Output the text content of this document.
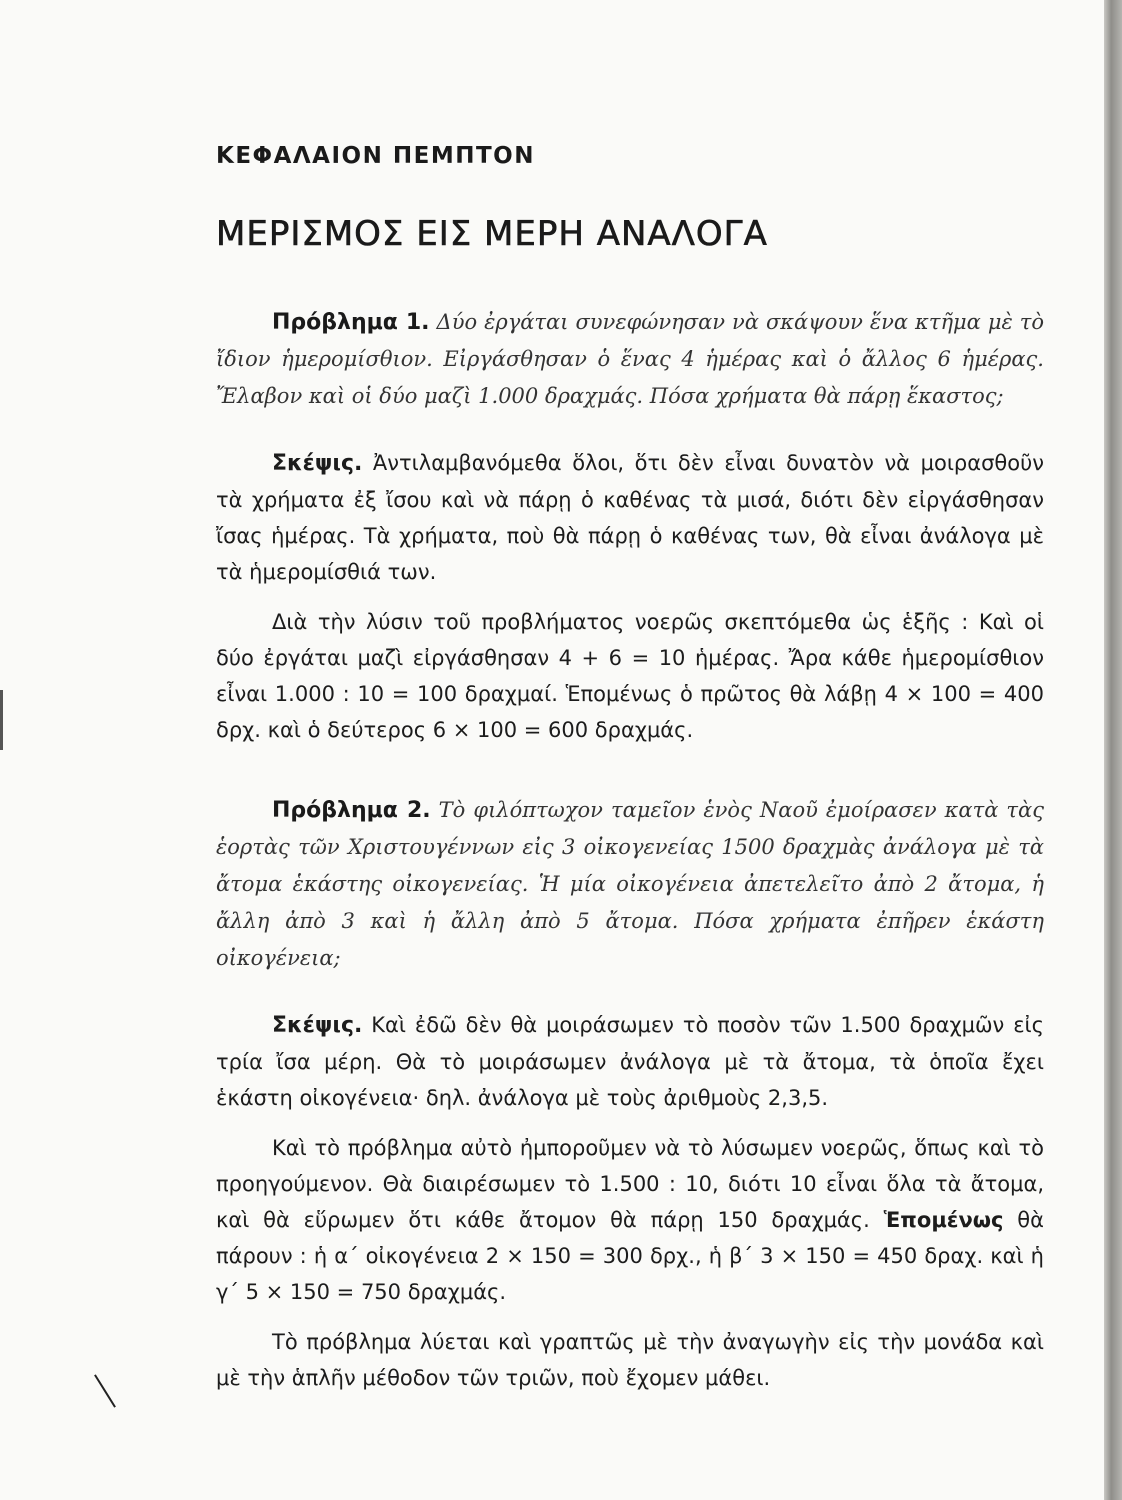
ΚΕΦΑΛΑΙΟΝ ΠΕΜΠΤΟΝ
ΜΕΡΙΣΜΟΣ ΕΙΣ ΜΕΡΗ ΑΝΑΛΟΓΑ

Πρόβλημα 1. Δύο ἐργάται συνεφώνησαν νὰ σκάψουν ἕνα κτῆμα μὲ τὸ ἴδιον ἡμερομίσθιον. Εἰργάσθησαν ὁ ἕνας 4 ἡμέρας καὶ ὁ ἄλλος 6 ἡμέρας. Ἔλαβον καὶ οἱ δύο μαζὶ 1.000 δραχμάς. Πόσα χρήματα θὰ πάρῃ ἕκαστος;

Σκέψις. Ἀντιλαμβανόμεθα ὅλοι, ὅτι δὲν εἶναι δυνατὸν νὰ μοιρασθοῦν τὰ χρήματα ἐξ ἴσου καὶ νὰ πάρῃ ὁ καθένας τὰ μισά, διότι δὲν εἰργάσθησαν ἴσας ἡμέρας. Τὰ χρήματα, ποὺ θὰ πάρῃ ὁ καθένας των, θὰ εἶναι ἀνάλογα μὲ τὰ ἡμερομίσθιά των.

Διὰ τὴν λύσιν τοῦ προβλήματος νοερῶς σκεπτόμεθα ὡς ἑξῆς : Καὶ οἱ δύο ἐργάται μαζὶ εἰργάσθησαν 4 + 6 = 10 ἡμέρας. Ἄρα κάθε ἡμερομίσθιον εἶναι 1.000 : 10 = 100 δραχμαί. Ἑπομένως ὁ πρῶτος θὰ λάβῃ 4 × 100 = 400 δρχ. καὶ ὁ δεύτερος 6 × 100 = 600 δραχμάς.

Πρόβλημα 2. Τὸ φιλόπτωχον ταμεῖον ἑνὸς Ναοῦ ἐμοίρασεν κατὰ τὰς ἑορτὰς τῶν Χριστουγέννων εἰς 3 οἰκογενείας 1500 δραχμὰς ἀνάλογα μὲ τὰ ἄτομα ἑκάστης οἰκογενείας. Ἡ μία οἰκογένεια ἀπετελεῖτο ἀπὸ 2 ἄτομα, ἡ ἄλλη ἀπὸ 3 καὶ ἡ ἄλλη ἀπὸ 5 ἄτομα. Πόσα χρήματα ἐπῆρεν ἑκάστη οἰκογένεια;

Σκέψις. Καὶ ἐδῶ δὲν θὰ μοιράσωμεν τὸ ποσὸν τῶν 1.500 δραχμῶν εἰς τρία ἴσα μέρη. Θὰ τὸ μοιράσωμεν ἀνάλογα μὲ τὰ ἄτομα, τὰ ὁποῖα ἔχει ἑκάστη οἰκογένεια· δηλ. ἀνάλογα μὲ τοὺς ἀριθμοὺς 2,3,5.

Καὶ τὸ πρόβλημα αὐτὸ ἠμποροῦμεν νὰ τὸ λύσωμεν νοερῶς, ὅπως καὶ τὸ προηγούμενον. Θὰ διαιρέσωμεν τὸ 1.500 : 10, διότι 10 εἶναι ὅλα τὰ ἄτομα, καὶ θὰ εὕρωμεν ὅτι κάθε ἄτομον θὰ πάρῃ 150 δραχμάς. Ἑπομένως θὰ πάρουν : ἡ α΄ οἰκογένεια 2 × 150 = 300 δρχ., ἡ β΄ 3 × 150 = 450 δραχ. καὶ ἡ γ΄ 5 × 150 = 750 δραχμάς.

Τὸ πρόβλημα λύεται καὶ γραπτῶς μὲ τὴν ἀναγωγὴν εἰς τὴν μονάδα καὶ μὲ τὴν ἁπλῆν μέθοδον τῶν τριῶν, ποὺ ἔχομεν μάθει.
